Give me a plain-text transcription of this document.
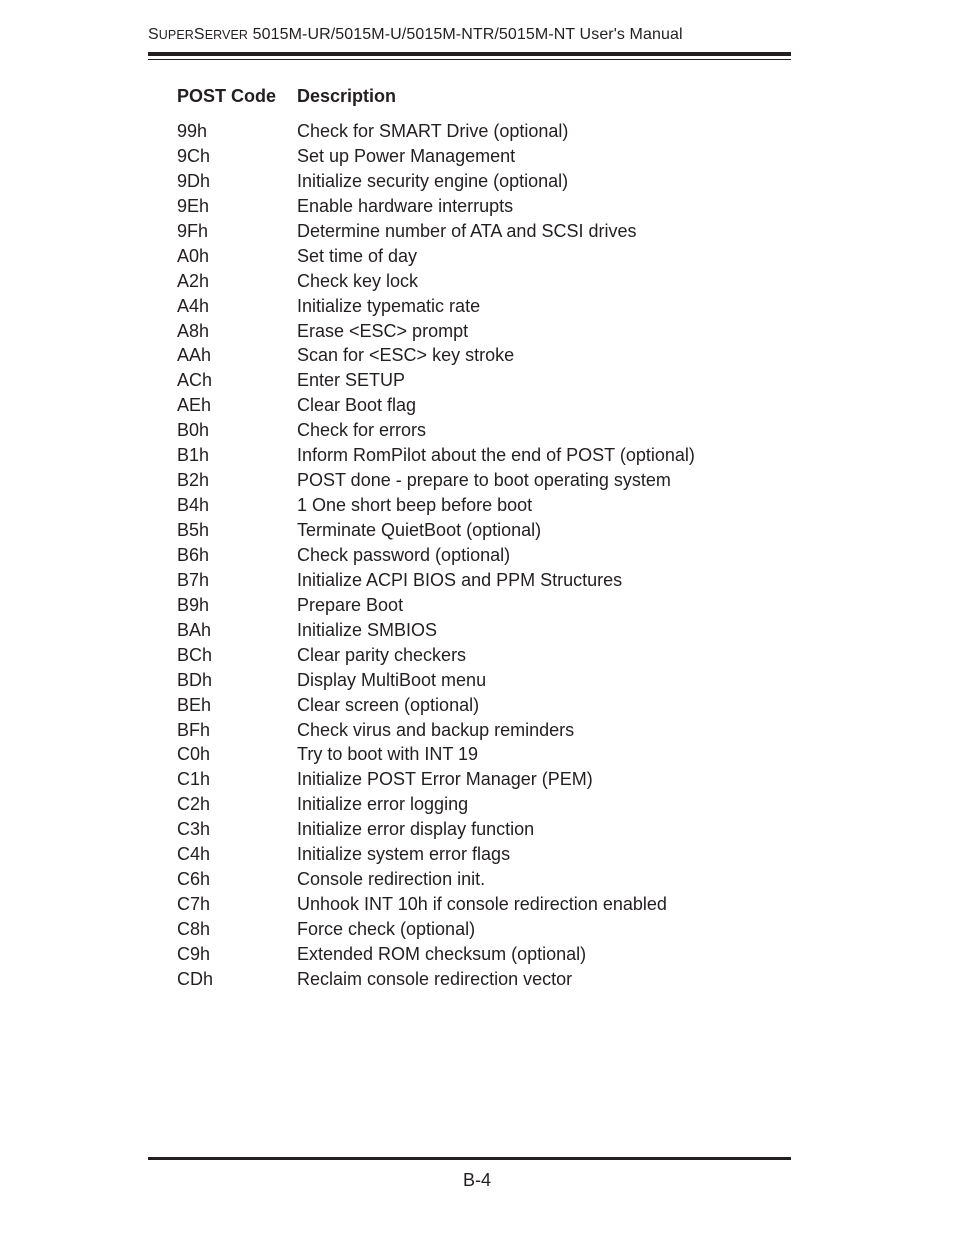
SUPERSERVER 5015M-UR/5015M-U/5015M-NTR/5015M-NT User's Manual
POST Code Description
99h	Check for SMART Drive (optional)
9Ch	Set up Power Management
9Dh	Initialize security engine (optional)
9Eh	Enable hardware interrupts
9Fh	Determine number of ATA and SCSI drives
A0h	Set time of day
A2h	Check key lock
A4h	Initialize typematic rate
A8h	Erase <ESC> prompt
AAh	Scan for <ESC> key stroke
ACh	Enter SETUP
AEh	Clear Boot flag
B0h	Check for errors
B1h	Inform RomPilot about the end of POST (optional)
B2h	POST done - prepare to boot operating system
B4h	1 One short beep before boot
B5h	Terminate QuietBoot (optional)
B6h	Check password (optional)
B7h	Initialize ACPI BIOS and PPM Structures
B9h	Prepare Boot
BAh	Initialize SMBIOS
BCh	Clear parity checkers
BDh	Display MultiBoot menu
BEh	Clear screen (optional)
BFh	Check virus and backup reminders
C0h	Try to boot with INT 19
C1h	Initialize POST Error Manager (PEM)
C2h	Initialize error logging
C3h	Initialize error display function
C4h	Initialize system error flags
C6h	Console redirection init.
C7h	Unhook INT 10h if console redirection enabled
C8h	Force check (optional)
C9h	Extended ROM checksum (optional)
CDh	Reclaim console redirection vector
B-4
